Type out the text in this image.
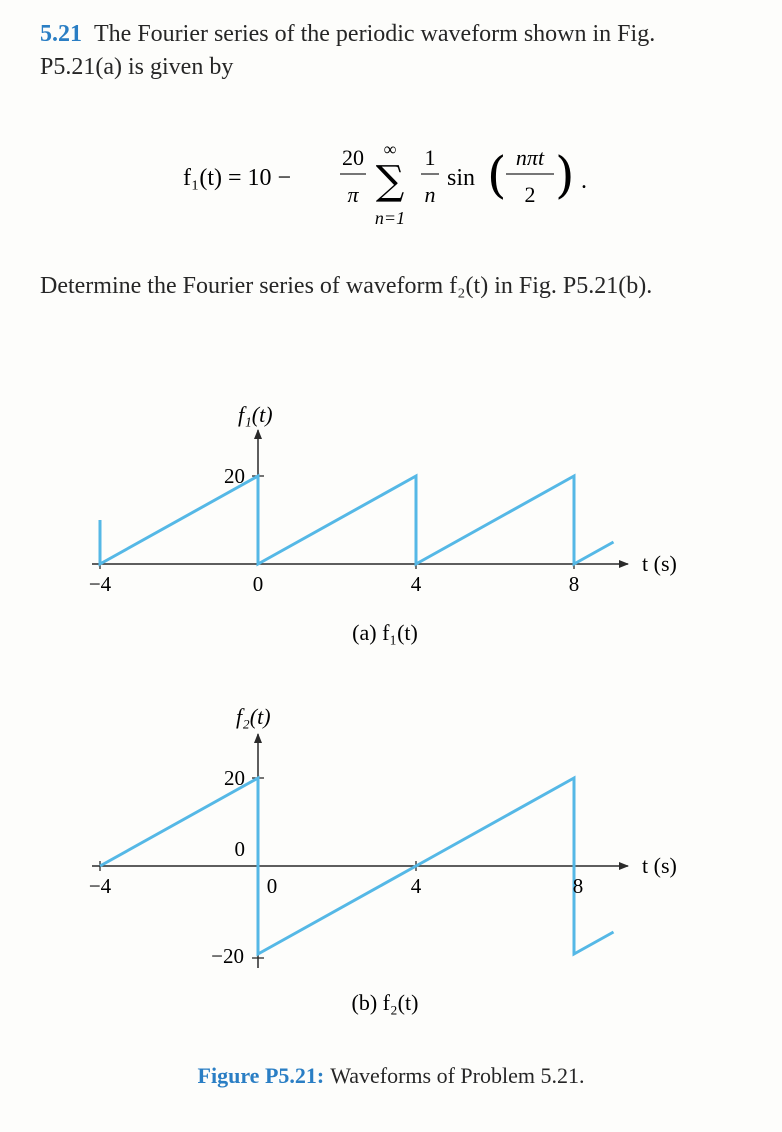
5.21 The Fourier series of the periodic waveform shown in Fig. P5.21(a) is given by
f₁(t) = 10 −
20
π
∞
∑
n=1
1
n
sin ( nπt
2 ) .
Determine the Fourier series of waveform f₂(t) in Fig. P5.21(b).
f₁(t)
20
−4	0	4	8
t (s)
(a) f₁(t)
f₂(t)
20
0
−20
−4	0	4	8
t (s)
(b) f₂(t)
Figure P5.21: Waveforms of Problem 5.21.
